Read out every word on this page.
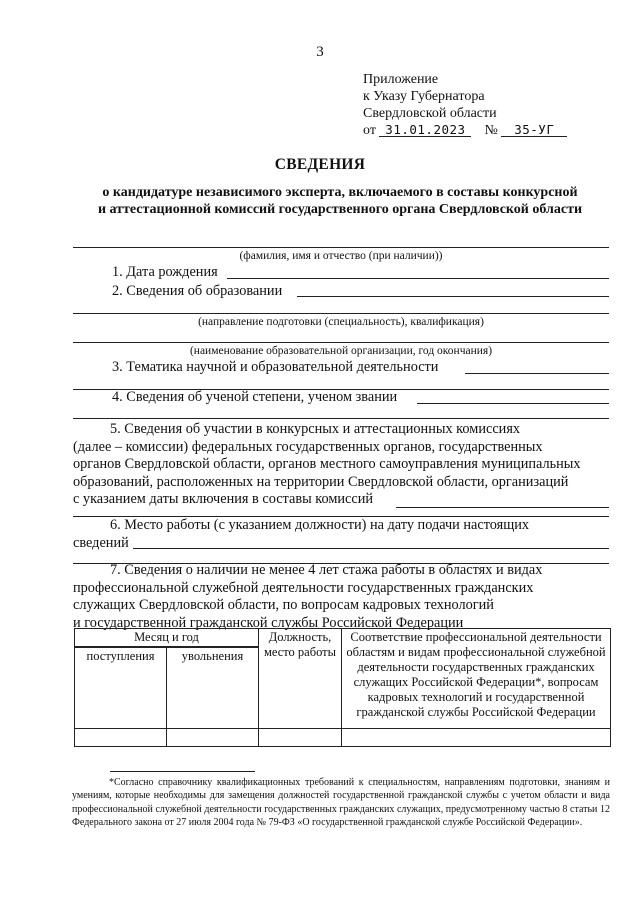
3
Приложение
к Указу Губернатора
Свердловской области
от 31.01.2023 № 35-УГ
СВЕДЕНИЯ
о кандидатуре независимого эксперта, включаемого в составы конкурсной
и аттестационной комиссий государственного органа Свердловской области
(фамилия, имя и отчество (при наличии))
1. Дата рождения
2. Сведения об образовании
(направление подготовки (специальность), квалификация)
(наименование образовательной организации, год окончания)
3. Тематика научной и образовательной деятельности
4. Сведения об ученой степени, ученом звании
5. Сведения об участии в конкурсных и аттестационных комиссиях
(далее – комиссии) федеральных государственных органов, государственных
органов Свердловской области, органов местного самоуправления муниципальных
образований, расположенных на территории Свердловской области, организаций
с указанием даты включения в составы комиссий
6. Место работы (с указанием должности) на дату подачи настоящих
сведений
7. Сведения о наличии не менее 4 лет стажа работы в областях и видах
профессиональной служебной деятельности государственных гражданских
служащих Свердловской области, по вопросам кадровых технологий
и государственной гражданской службы Российской Федерации
Месяц и год		Должность, место работы	Соответствие профессиональной деятельности областям и видам профессиональной служебной деятельности государственных гражданских служащих Российской Федерации*, вопросам кадровых технологий и государственной гражданской службы Российской Федерации
поступления	увольнения		

*Согласно справочнику квалификационных требований к специальностям, направлениям подготовки, знаниям и умениям, которые необходимы для замещения должностей государственной гражданской службы с учетом области и вида профессиональной служебной деятельности государственных гражданских служащих, предусмотренному частью 8 статьи 12 Федерального закона от 27 июля 2004 года № 79-ФЗ «О государственной гражданской службе Российской Федерации».
